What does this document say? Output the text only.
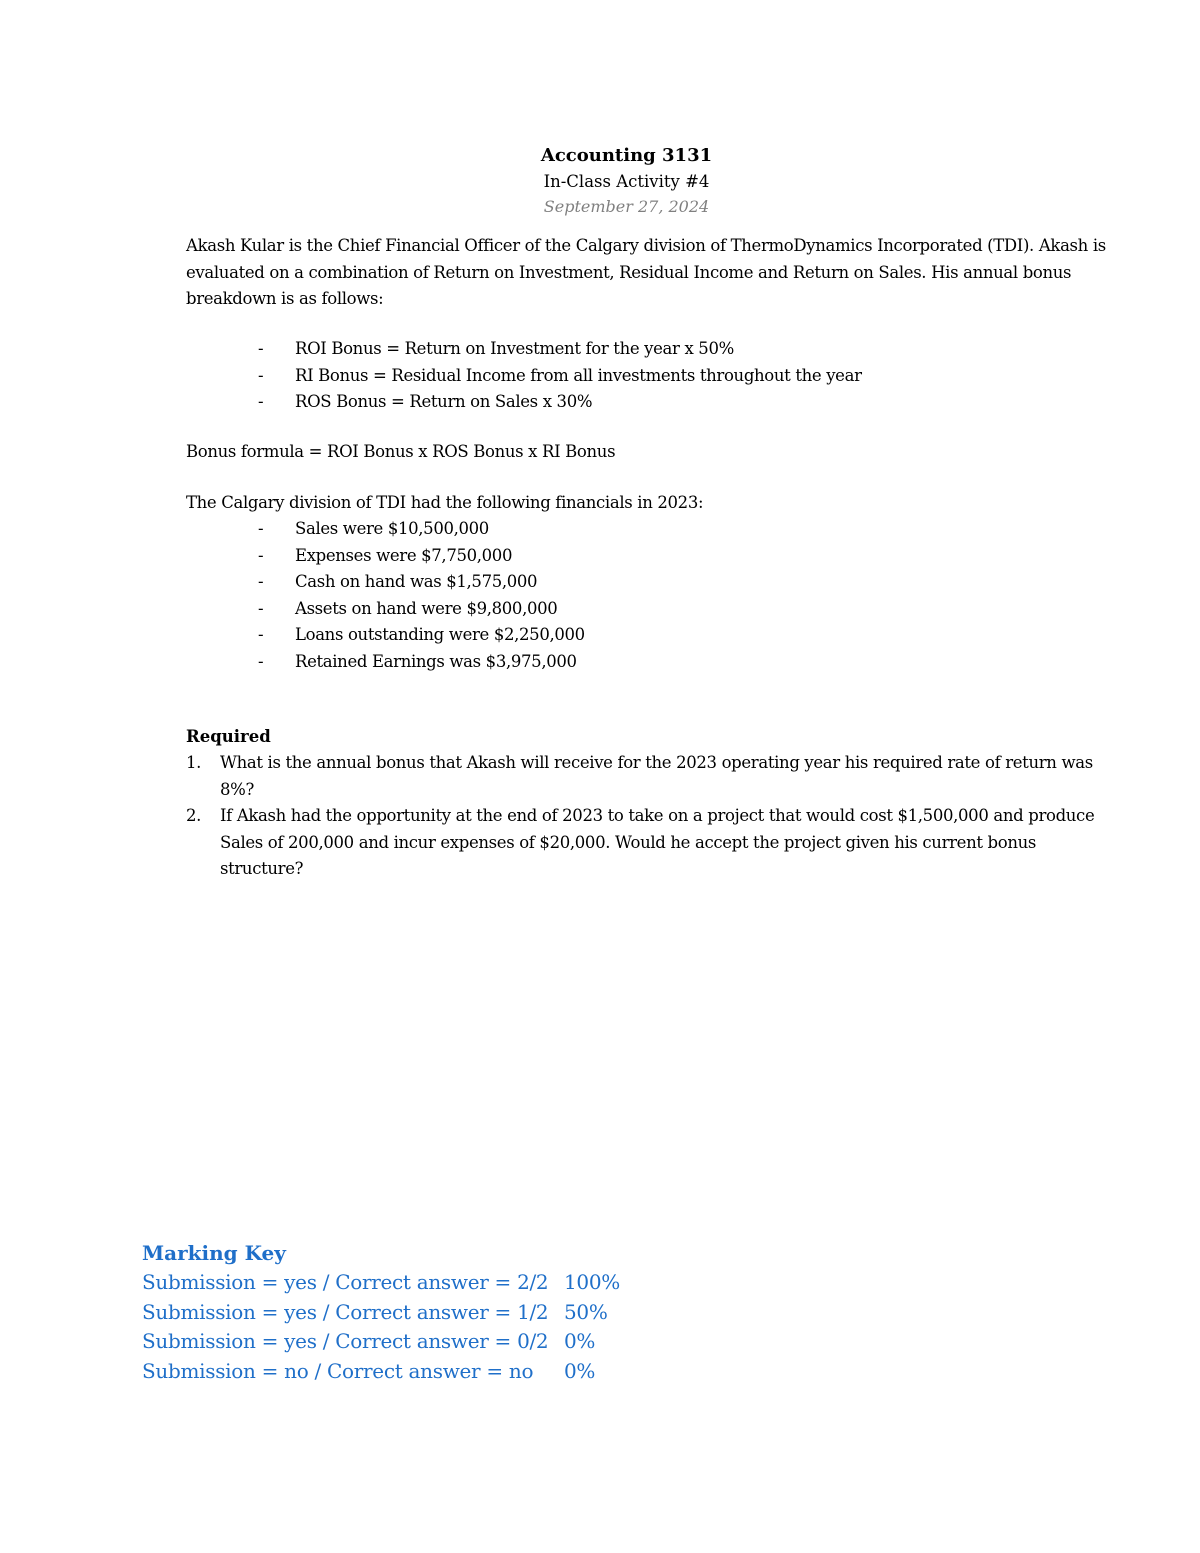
Accounting 3131
In-Class Activity #4
September 27, 2024
Akash Kular is the Chief Financial Officer of the Calgary division of ThermoDynamics Incorporated (TDI). Akash is evaluated on a combination of Return on Investment, Residual Income and Return on Sales. His annual bonus breakdown is as follows:
- ROI Bonus = Return on Investment for the year x 50%
- RI Bonus = Residual Income from all investments throughout the year
- ROS Bonus = Return on Sales x 30%
Bonus formula = ROI Bonus x ROS Bonus x RI Bonus
The Calgary division of TDI had the following financials in 2023:
- Sales were $10,500,000
- Expenses were $7,750,000
- Cash on hand was $1,575,000
- Assets on hand were $9,800,000
- Loans outstanding were $2,250,000
- Retained Earnings was $3,975,000
Required
1. What is the annual bonus that Akash will receive for the 2023 operating year his required rate of return was 8%?
2. If Akash had the opportunity at the end of 2023 to take on a project that would cost $1,500,000 and produce Sales of 200,000 and incur expenses of $20,000. Would he accept the project given his current bonus structure?
Marking Key
Submission = yes / Correct answer = 2/2 100%
Submission = yes / Correct answer = 1/2 50%
Submission = yes / Correct answer = 0/2 0%
Submission = no / Correct answer = no 0%
